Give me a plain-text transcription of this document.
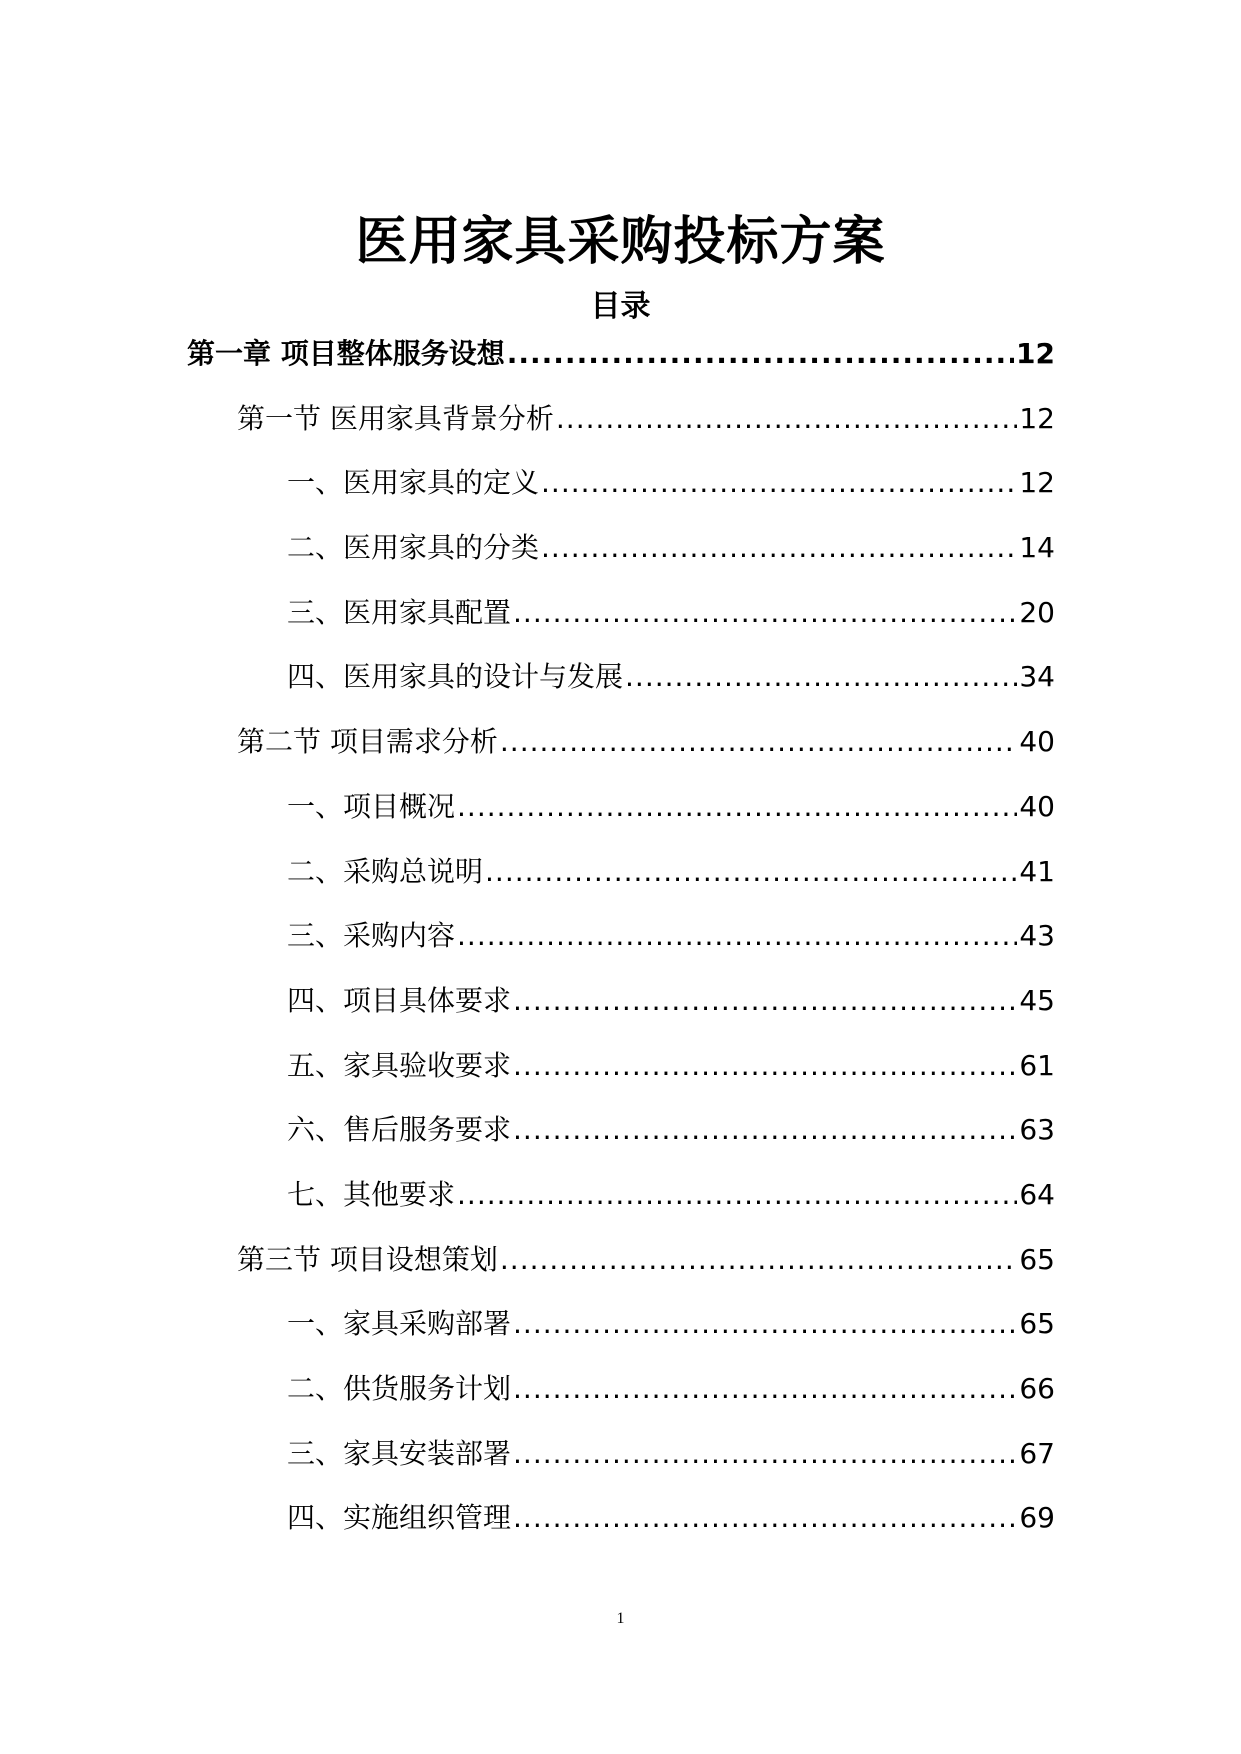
医用家具采购投标方案
目录
第一章 项目整体服务设想 .....	12
第一节 医用家具背景分析 .....	12
一、医用家具的定义 .....	12
二、医用家具的分类 .....	14
三、医用家具配置 .....	20
四、医用家具的设计与发展 .....	34
第二节 项目需求分析 .....	40
一、项目概况 .....	40
二、采购总说明 .....	41
三、采购内容 .....	43
四、项目具体要求 .....	45
五、家具验收要求 .....	61
六、售后服务要求 .....	63
七、其他要求 .....	64
第三节 项目设想策划 .....	65
一、家具采购部署 .....	65
二、供货服务计划 .....	66
三、家具安装部署 .....	67
四、实施组织管理 .....	69
1
